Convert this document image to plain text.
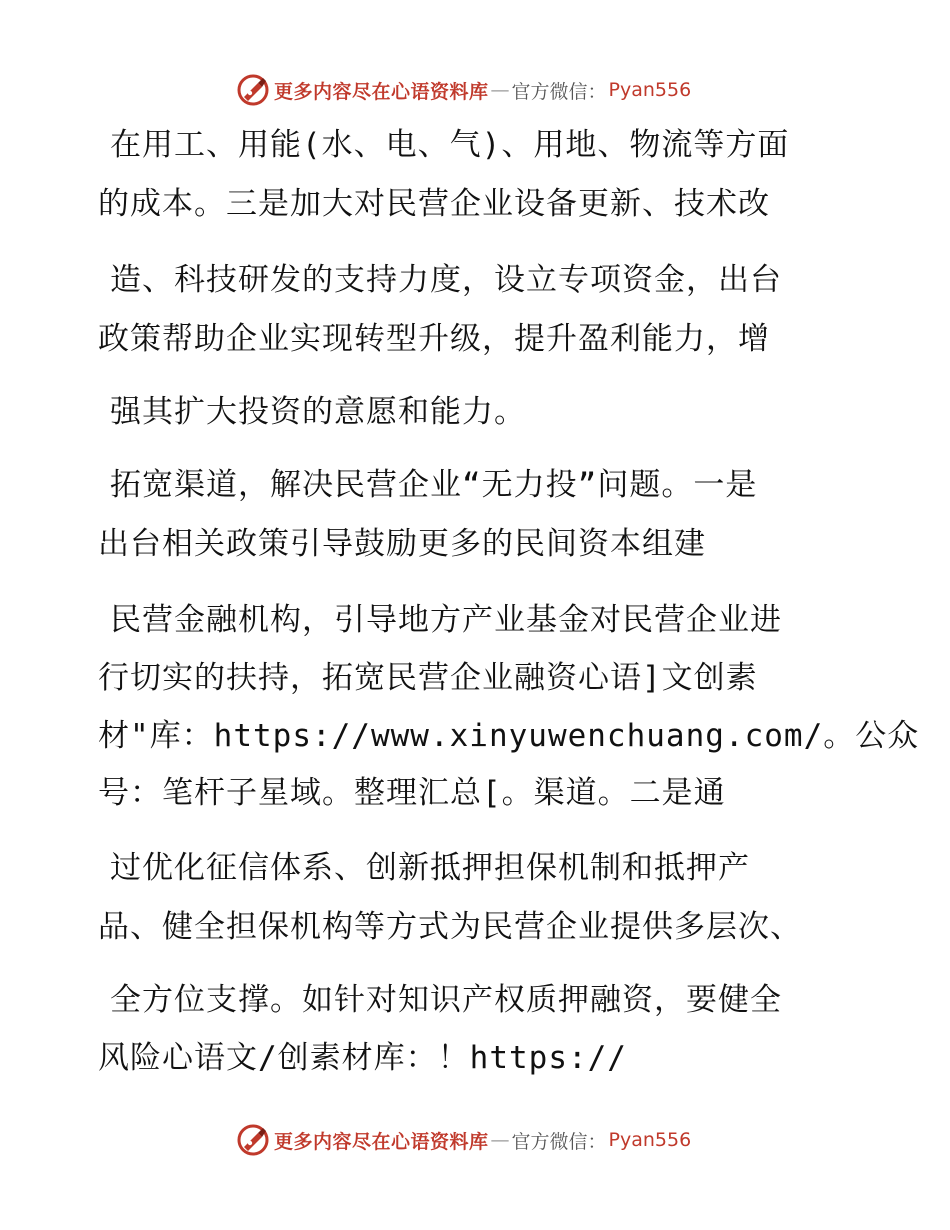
更多内容尽在心语资料库 — 官方微信： Pyan556
在用工、用能(水、电、气)、用地、物流等方面
的成本。三是加大对民营企业设备更新、技术改
造、科技研发的支持力度，设立专项资金，出台
政策帮助企业实现转型升级，提升盈利能力，增
强其扩大投资的意愿和能力。
拓宽渠道，解决民营企业“无力投”问题。一是
出台相关政策引导鼓励更多的民间资本组建
民营金融机构，引导地方产业基金对民营企业进
行切实的扶持，拓宽民营企业融资心语]文创素
材"库：https://www.xinyuwenchuang.com/。公众
号：笔杆子星域。整理汇总[。渠道。二是通
过优化征信体系、创新抵押担保机制和抵押产
品、健全担保机构等方式为民营企业提供多层次、
全方位支撑。如针对知识产权质押融资，要健全
风险心语文/创素材库：！https://
更多内容尽在心语资料库 — 官方微信： Pyan556
